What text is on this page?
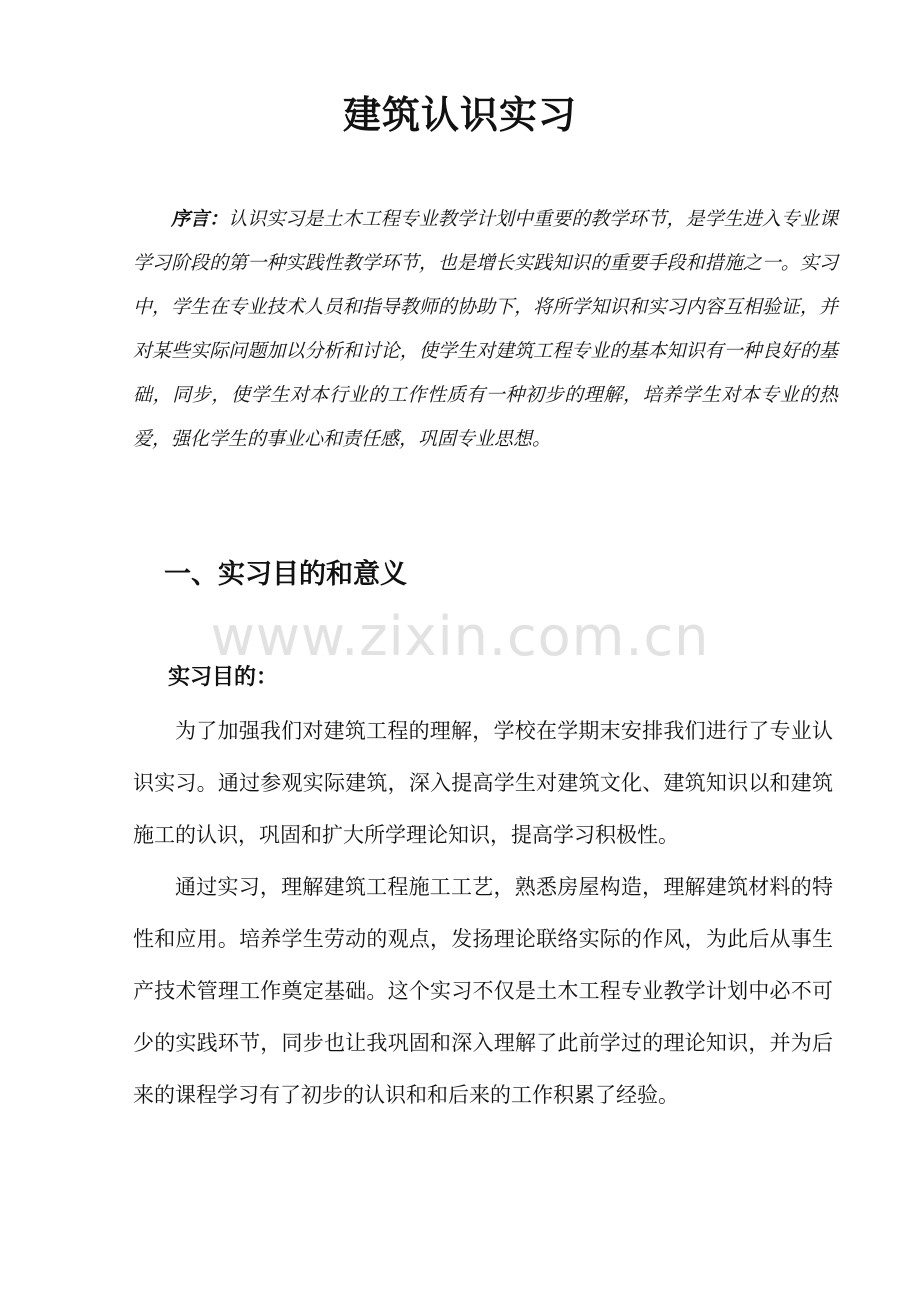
建筑认识实习

序言：认识实习是土木工程专业教学计划中重要的教学环节，是学生进入专业课学习阶段的第一种实践性教学环节，也是增长实践知识的重要手段和措施之一。实习中，学生在专业技术人员和指导教师的协助下，将所学知识和实习内容互相验证，并对某些实际问题加以分析和讨论，使学生对建筑工程专业的基本知识有一种良好的基础，同步，使学生对本行业的工作性质有一种初步的理解，培养学生对本专业的热爱，强化学生的事业心和责任感，巩固专业思想。

一、实习目的和意义
www.zixin.com.cn
实习目的：

为了加强我们对建筑工程的理解，学校在学期末安排我们进行了专业认识实习。通过参观实际建筑，深入提高学生对建筑文化、建筑知识以和建筑施工的认识，巩固和扩大所学理论知识，提高学习积极性。

通过实习，理解建筑工程施工工艺，熟悉房屋构造，理解建筑材料的特性和应用。培养学生劳动的观点，发扬理论联络实际的作风，为此后从事生产技术管理工作奠定基础。这个实习不仅是土木工程专业教学计划中必不可少的实践环节，同步也让我巩固和深入理解了此前学过的理论知识，并为后来的课程学习有了初步的认识和和后来的工作积累了经验。
